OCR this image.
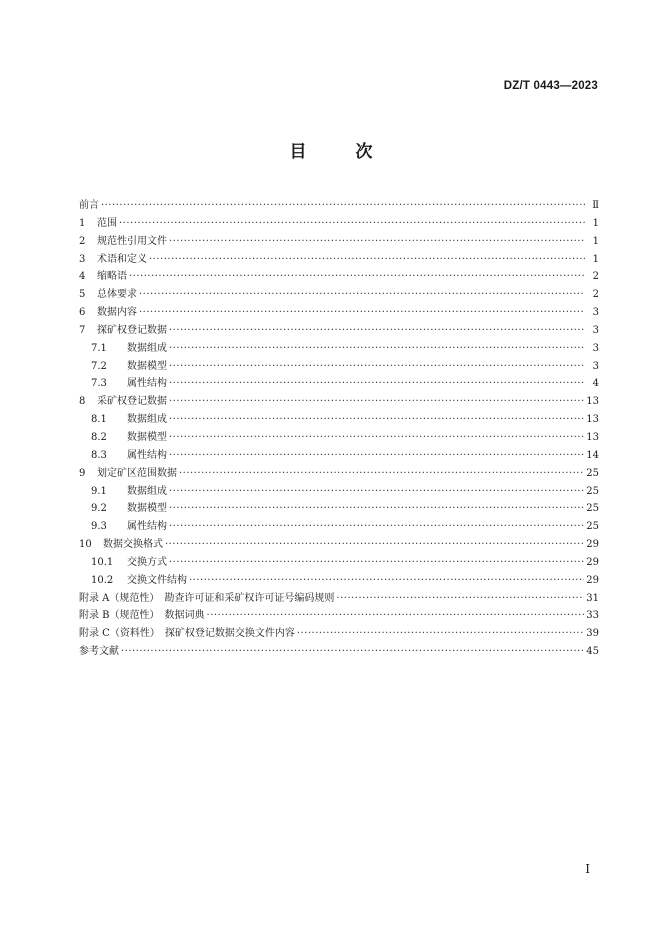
DZ/T 0443—2023
目　次
前言 ·····	Ⅱ
1	范围 ·····	1
2	规范性引用文件 ·····	1
3	术语和定义 ·····	1
4	缩略语 ·····	2
5	总体要求 ·····	2
6	数据内容 ·····	3
7	探矿权登记数据 ·····	3
7.1	数据组成 ·····	3
7.2	数据模型 ·····	3
7.3	属性结构 ·····	4
8	采矿权登记数据 ·····	13
8.1	数据组成 ·····	13
8.2	数据模型 ·····	13
8.3	属性结构 ·····	14
9	划定矿区范围数据 ·····	25
9.1	数据组成 ·····	25
9.2	数据模型 ·····	25
9.3	属性结构 ·····	25
10	数据交换格式 ·····	29
10.1	交换方式 ·····	29
10.2	交换文件结构 ·····	29
附录 A（规范性）　勘查许可证和采矿权许可证号编码规则 ·····	31
附录 B（规范性）　数据词典 ·····	33
附录 C（资料性）　探矿权登记数据交换文件内容 ·····	39
参考文献 ·····	45
I
